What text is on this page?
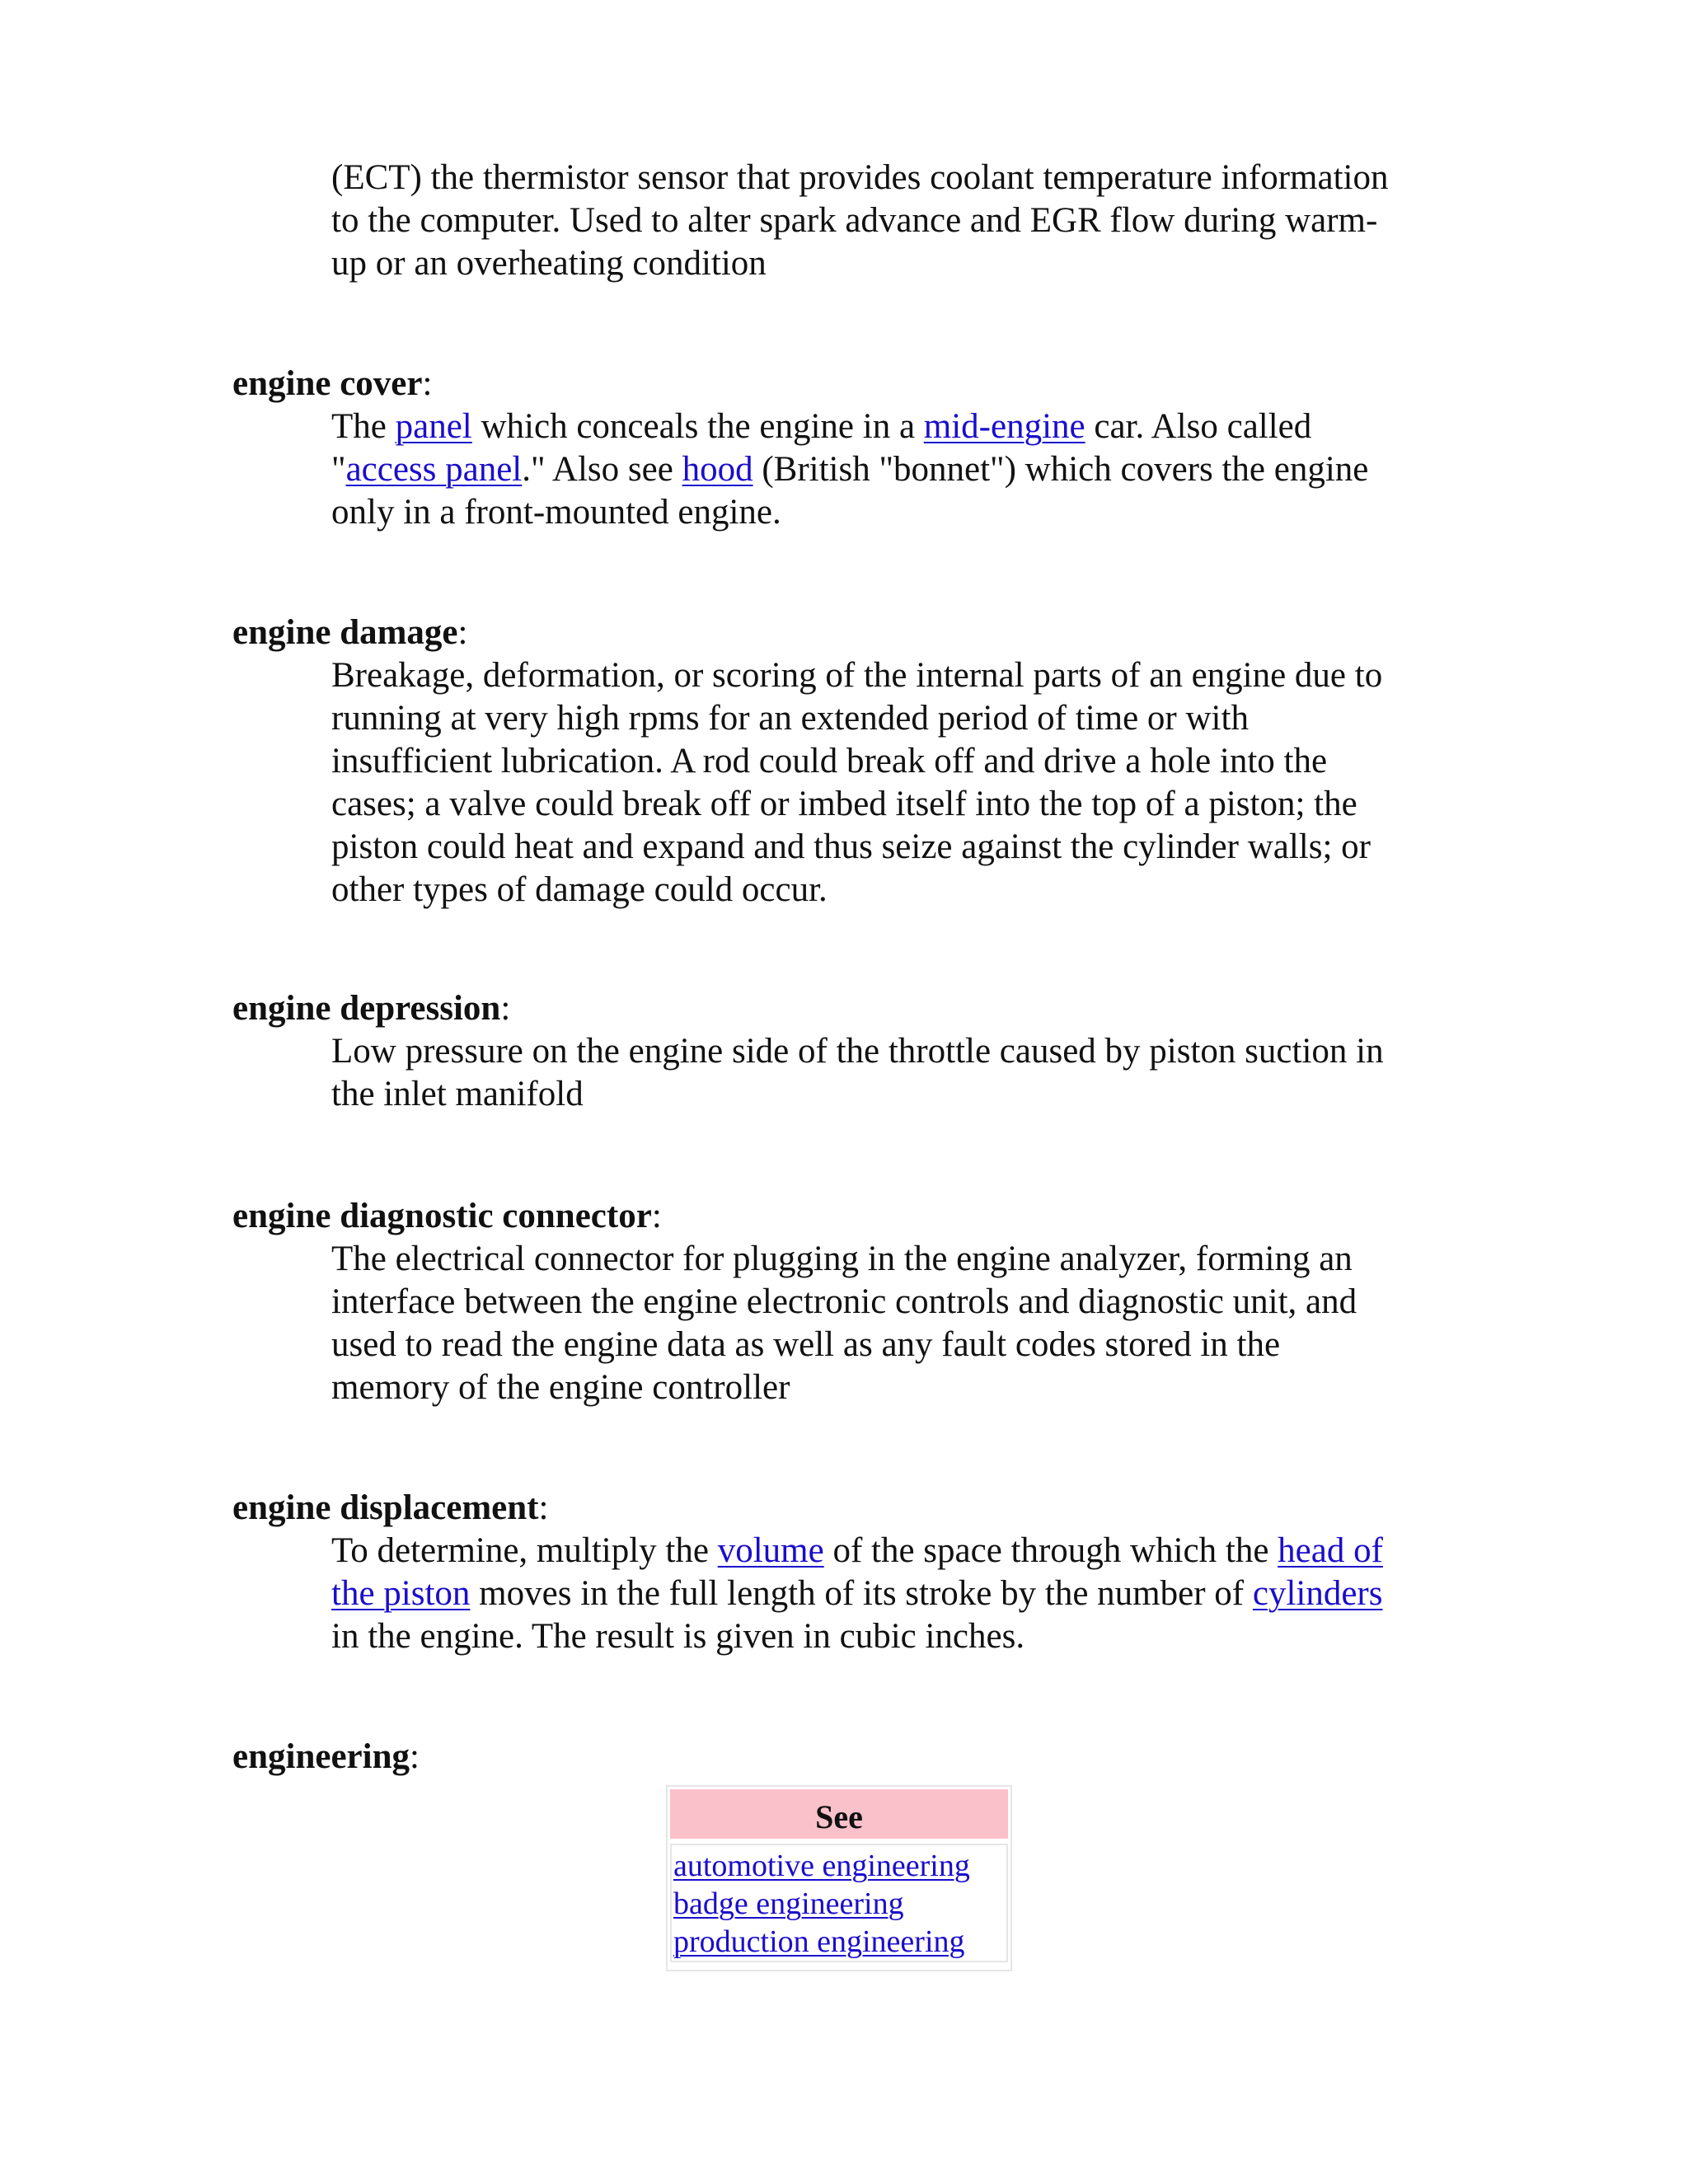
(ECT) the thermistor sensor that provides coolant temperature information
to the computer. Used to alter spark advance and EGR flow during warm-
up or an overheating condition
engine cover:
The panel which conceals the engine in a mid-engine car. Also called
"access panel." Also see hood (British "bonnet") which covers the engine
only in a front-mounted engine.
engine damage:
Breakage, deformation, or scoring of the internal parts of an engine due to
running at very high rpms for an extended period of time or with
insufficient lubrication. A rod could break off and drive a hole into the
cases; a valve could break off or imbed itself into the top of a piston; the
piston could heat and expand and thus seize against the cylinder walls; or
other types of damage could occur.
engine depression:
Low pressure on the engine side of the throttle caused by piston suction in
the inlet manifold
engine diagnostic connector:
The electrical connector for plugging in the engine analyzer, forming an
interface between the engine electronic controls and diagnostic unit, and
used to read the engine data as well as any fault codes stored in the
memory of the engine controller
engine displacement:
To determine, multiply the volume of the space through which the head of
the piston moves in the full length of its stroke by the number of cylinders
in the engine. The result is given in cubic inches.
engineering:
See
automotive engineering
badge engineering
production engineering
